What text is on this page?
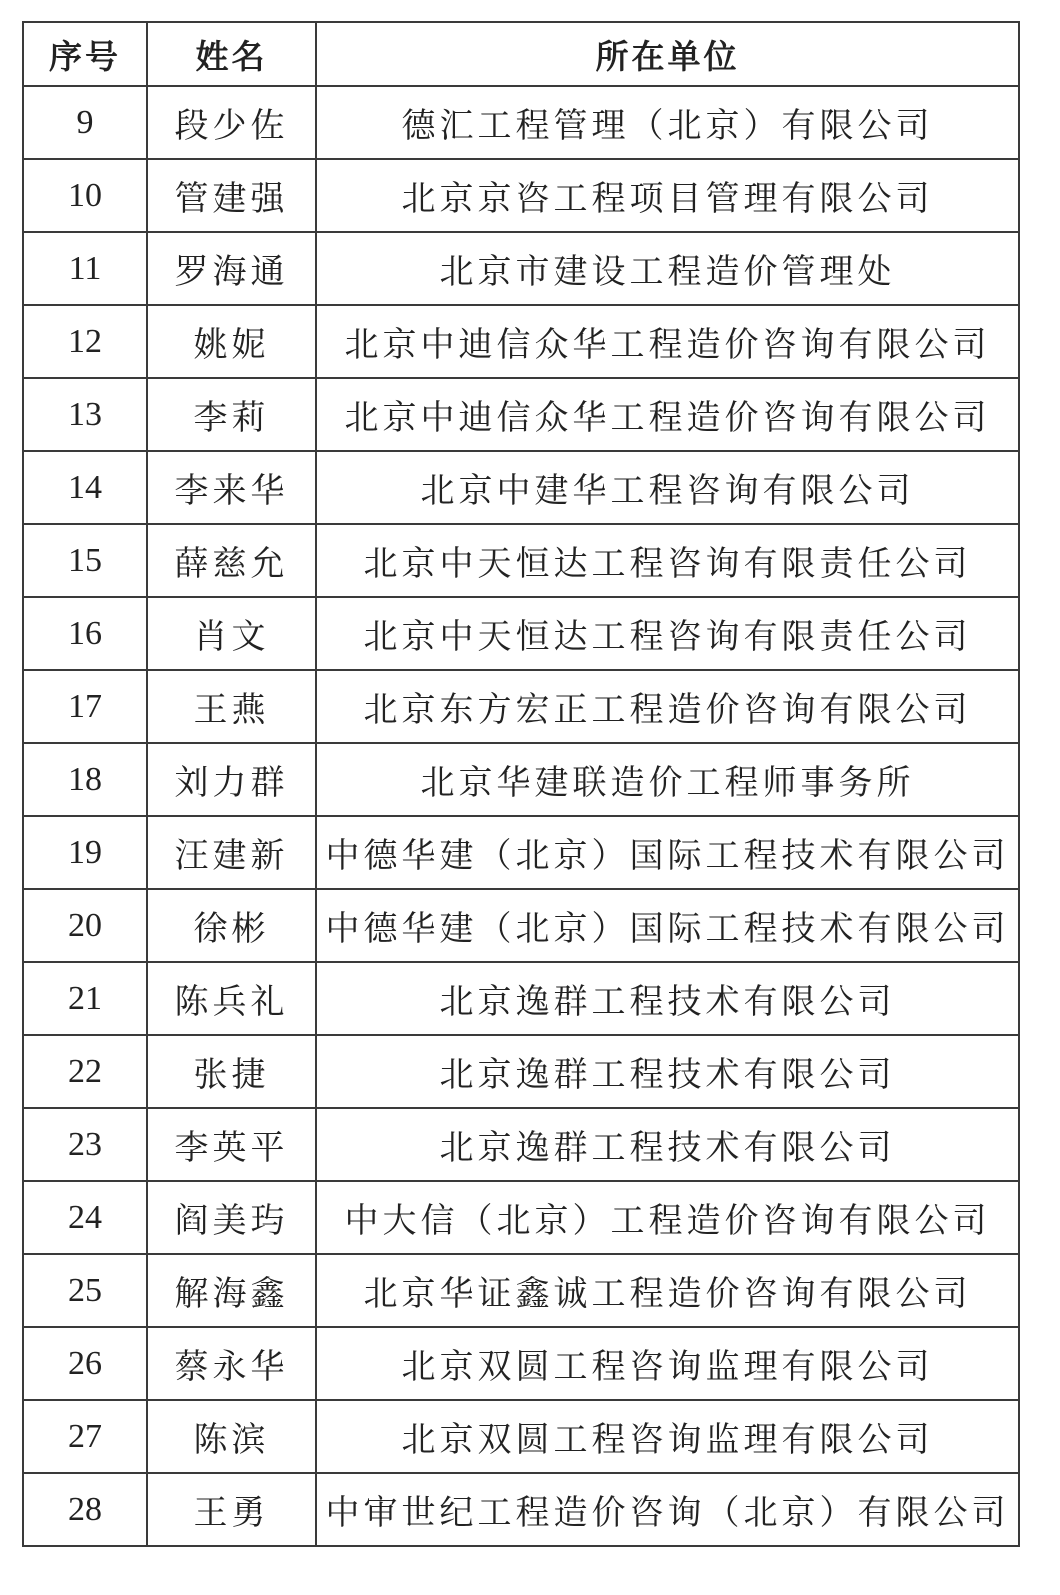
序号	姓名	所在单位
9	段少佐	德汇工程管理（北京）有限公司
10	管建强	北京京咨工程项目管理有限公司
11	罗海通	北京市建设工程造价管理处
12	姚妮	北京中迪信众华工程造价咨询有限公司
13	李莉	北京中迪信众华工程造价咨询有限公司
14	李来华	北京中建华工程咨询有限公司
15	薛慈允	北京中天恒达工程咨询有限责任公司
16	肖文	北京中天恒达工程咨询有限责任公司
17	王燕	北京东方宏正工程造价咨询有限公司
18	刘力群	北京华建联造价工程师事务所
19	汪建新	中德华建（北京）国际工程技术有限公司
20	徐彬	中德华建（北京）国际工程技术有限公司
21	陈兵礼	北京逸群工程技术有限公司
22	张捷	北京逸群工程技术有限公司
23	李英平	北京逸群工程技术有限公司
24	阎美玙	中大信（北京）工程造价咨询有限公司
25	解海鑫	北京华证鑫诚工程造价咨询有限公司
26	蔡永华	北京双圆工程咨询监理有限公司
27	陈滨	北京双圆工程咨询监理有限公司
28	王勇	中审世纪工程造价咨询（北京）有限公司
